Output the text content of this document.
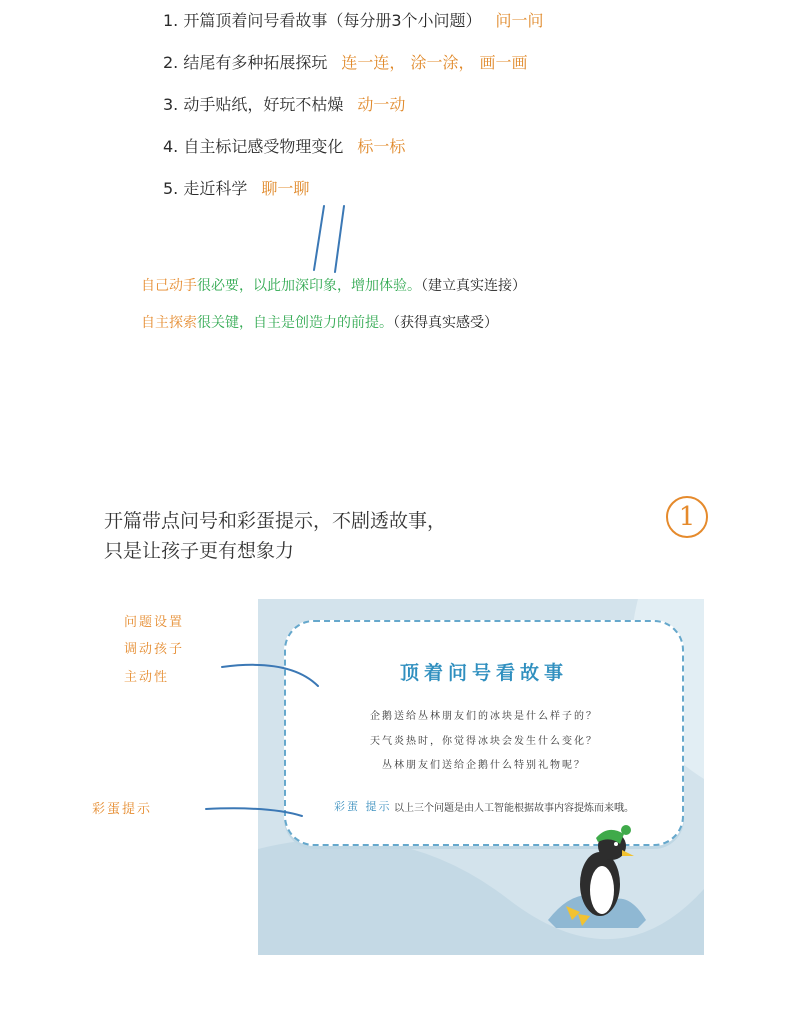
1. 开篇顶着问号看故事（每分册3个小问题） 问一问
2. 结尾有多种拓展探玩 连一连， 涂一涂， 画一画
3. 动手贴纸，好玩不枯燥 动一动
4. 自主标记感受物理变化 标一标
5. 走近科学 聊一聊
自己动手很必要，以此加深印象，增加体验。（建立真实连接）
自主探索很关键，自主是创造力的前提。（获得真实感受）
开篇带点问号和彩蛋提示，不剧透故事，
只是让孩子更有想象力
1
问题设置
调动孩子
主动性
彩蛋提示
顶着问号看故事
企鹅送给丛林朋友们的冰块是什么样子的？
天气炎热时，你觉得冰块会发生什么变化？
丛林朋友们送给企鹅什么特别礼物呢？
彩蛋 提示 以上三个问题是由人工智能根据故事内容提炼而来哦。
